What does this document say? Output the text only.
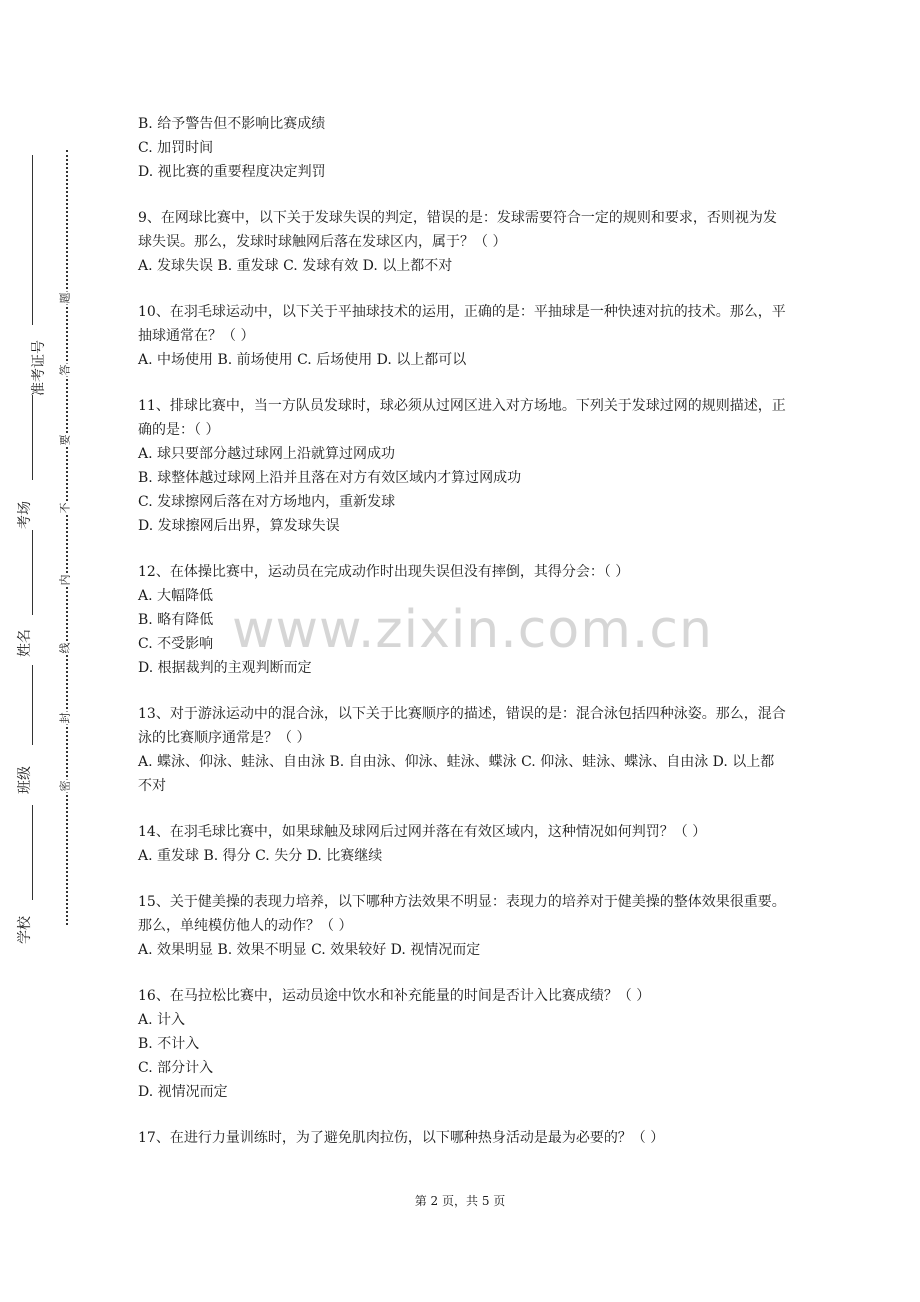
题
答
要
不
内
线
封
密
准考证号
考场
姓名
班级
学校
www.zixin.com.cn
B. 给予警告但不影响比赛成绩
C. 加罚时间
D. 视比赛的重要程度决定判罚
9、在网球比赛中，以下关于发球失误的判定，错误的是：发球需要符合一定的规则和要求，否则视为发球失误。那么，发球时球触网后落在发球区内，属于？（ ）
A. 发球失误 B. 重发球 C. 发球有效 D. 以上都不对
10、在羽毛球运动中，以下关于平抽球技术的运用，正确的是：平抽球是一种快速对抗的技术。那么，平抽球通常在？（ ）
A. 中场使用 B. 前场使用 C. 后场使用 D. 以上都可以
11、排球比赛中，当一方队员发球时，球必须从过网区进入对方场地。下列关于发球过网的规则描述，正确的是：（ ）
A. 球只要部分越过球网上沿就算过网成功
B. 球整体越过球网上沿并且落在对方有效区域内才算过网成功
C. 发球擦网后落在对方场地内，重新发球
D. 发球擦网后出界，算发球失误
12、在体操比赛中，运动员在完成动作时出现失误但没有摔倒，其得分会：（ ）
A. 大幅降低
B. 略有降低
C. 不受影响
D. 根据裁判的主观判断而定
13、对于游泳运动中的混合泳，以下关于比赛顺序的描述，错误的是：混合泳包括四种泳姿。那么，混合泳的比赛顺序通常是？（ ）
A. 蝶泳、仰泳、蛙泳、自由泳 B. 自由泳、仰泳、蛙泳、蝶泳 C. 仰泳、蛙泳、蝶泳、自由泳 D. 以上都不对
14、在羽毛球比赛中，如果球触及球网后过网并落在有效区域内，这种情况如何判罚？（ ）
A. 重发球 B. 得分 C. 失分 D. 比赛继续
15、关于健美操的表现力培养，以下哪种方法效果不明显：表现力的培养对于健美操的整体效果很重要。那么，单纯模仿他人的动作？（ ）
A. 效果明显 B. 效果不明显 C. 效果较好 D. 视情况而定
16、在马拉松比赛中，运动员途中饮水和补充能量的时间是否计入比赛成绩？（ ）
A. 计入
B. 不计入
C. 部分计入
D. 视情况而定
17、在进行力量训练时，为了避免肌肉拉伤，以下哪种热身活动是最为必要的？（ ）
第 2 页，共 5 页
